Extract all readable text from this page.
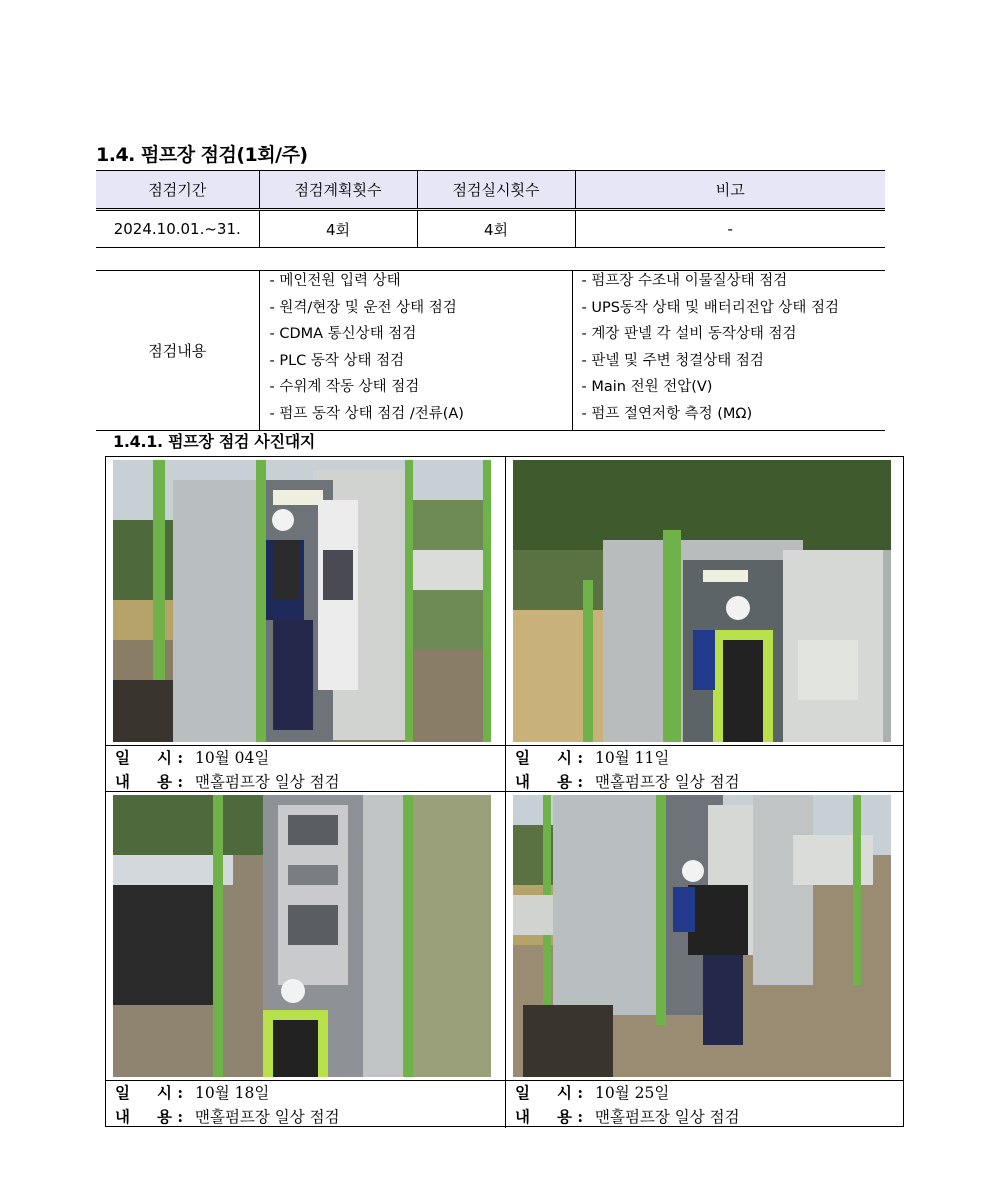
1.4. 펌프장 점검(1회/주)
점검기간	점검계획횟수	점검실시횟수	비고
2024.10.01.~31.	4회	4회	-
점검내용	
- 메인전원 입력 상태
- 원격/현장 및 운전 상태 점검
- CDMA 통신상태 점검
- PLC 동작 상태 점검
- 수위계 작동 상태 점검
- 펌프 동작 상태 점검 /전류(A)

- 펌프장 수조내 이물질상태 점검
- UPS동작 상태 및 배터리전압 상태 점검
- 계장 판넬 각 설비 동작상태 점검
- 판넬 및 주변 청결상태 점검
- Main 전원 전압(V)
- 펌프 절연저항 측정 (MΩ)
1.4.1. 펌프장 점검 사진대지
일     시 : 10월 04일
내     용 : 맨홀펌프장 일상 점검
일     시 : 10월 11일
내     용 : 맨홀펌프장 일상 점검
일     시 : 10월 18일
내     용 : 맨홀펌프장 일상 점검
일     시 : 10월 25일
내     용 : 맨홀펌프장 일상 점검
